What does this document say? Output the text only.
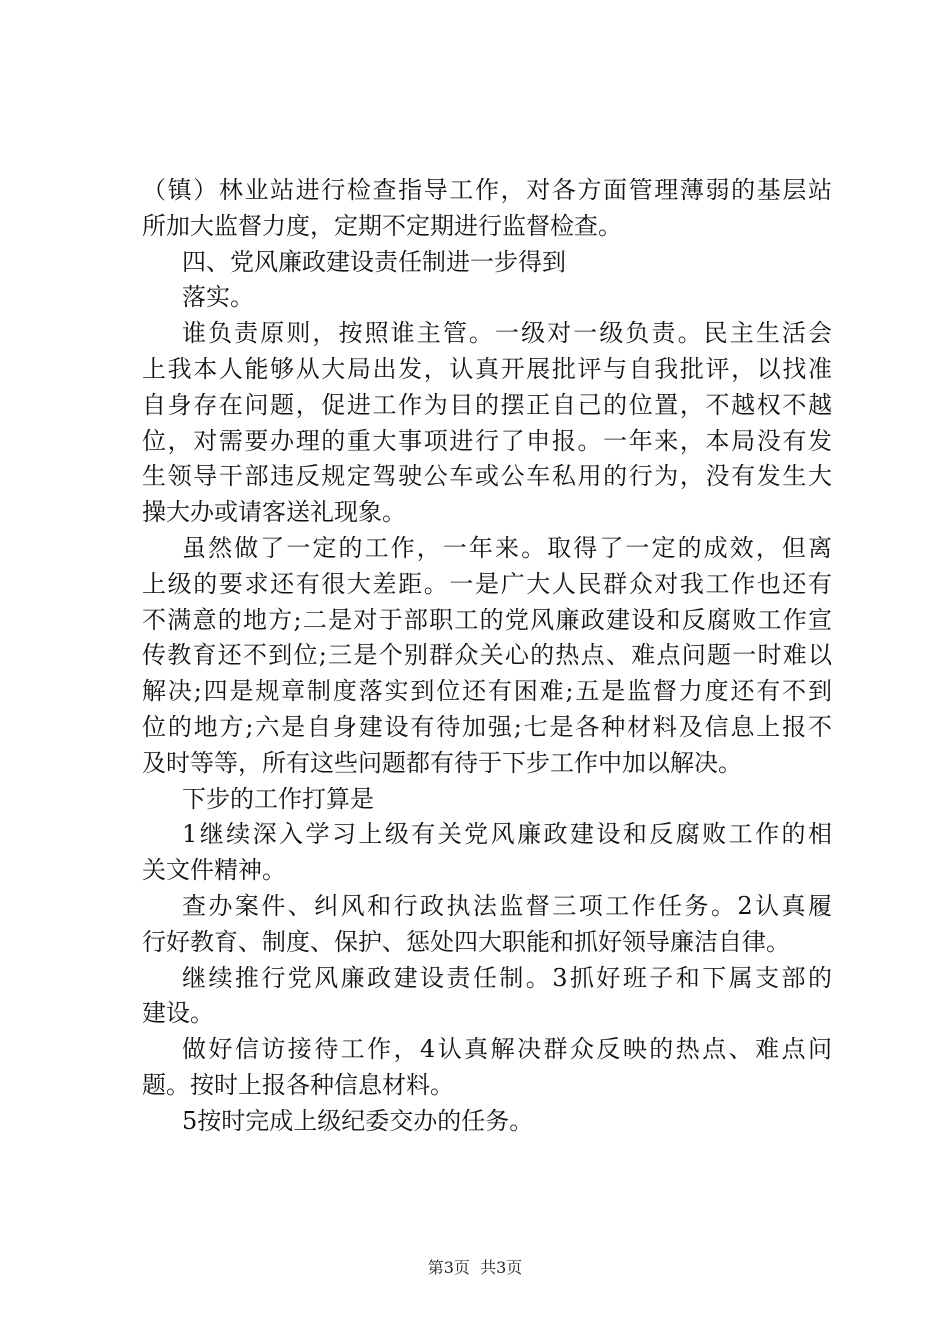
（镇）林业站进行检查指导工作，对各方面管理薄弱的基层站
所加大监督力度，定期不定期进行监督检查。
四、党风廉政建设责任制进一步得到
落实。
谁负责原则，按照谁主管。一级对一级负责。民主生活会
上我本人能够从大局出发，认真开展批评与自我批评，以找准
自身存在问题，促进工作为目的摆正自己的位置，不越权不越
位，对需要办理的重大事项进行了申报。一年来，本局没有发
生领导干部违反规定驾驶公车或公车私用的行为，没有发生大
操大办或请客送礼现象。
虽然做了一定的工作，一年来。取得了一定的成效，但离
上级的要求还有很大差距。一是广大人民群众对我工作也还有
不满意的地方;二是对于部职工的党风廉政建设和反腐败工作宣
传教育还不到位;三是个别群众关心的热点、难点问题一时难以
解决;四是规章制度落实到位还有困难;五是监督力度还有不到
位的地方;六是自身建设有待加强;七是各种材料及信息上报不
及时等等，所有这些问题都有待于下步工作中加以解决。
下步的工作打算是
1继续深入学习上级有关党风廉政建设和反腐败工作的相
关文件精神。
查办案件、纠风和行政执法监督三项工作任务。2认真履
行好教育、制度、保护、惩处四大职能和抓好领导廉洁自律。
继续推行党风廉政建设责任制。3抓好班子和下属支部的
建设。
做好信访接待工作，4认真解决群众反映的热点、难点问
题。按时上报各种信息材料。
5按时完成上级纪委交办的任务。
第3页  共3页
